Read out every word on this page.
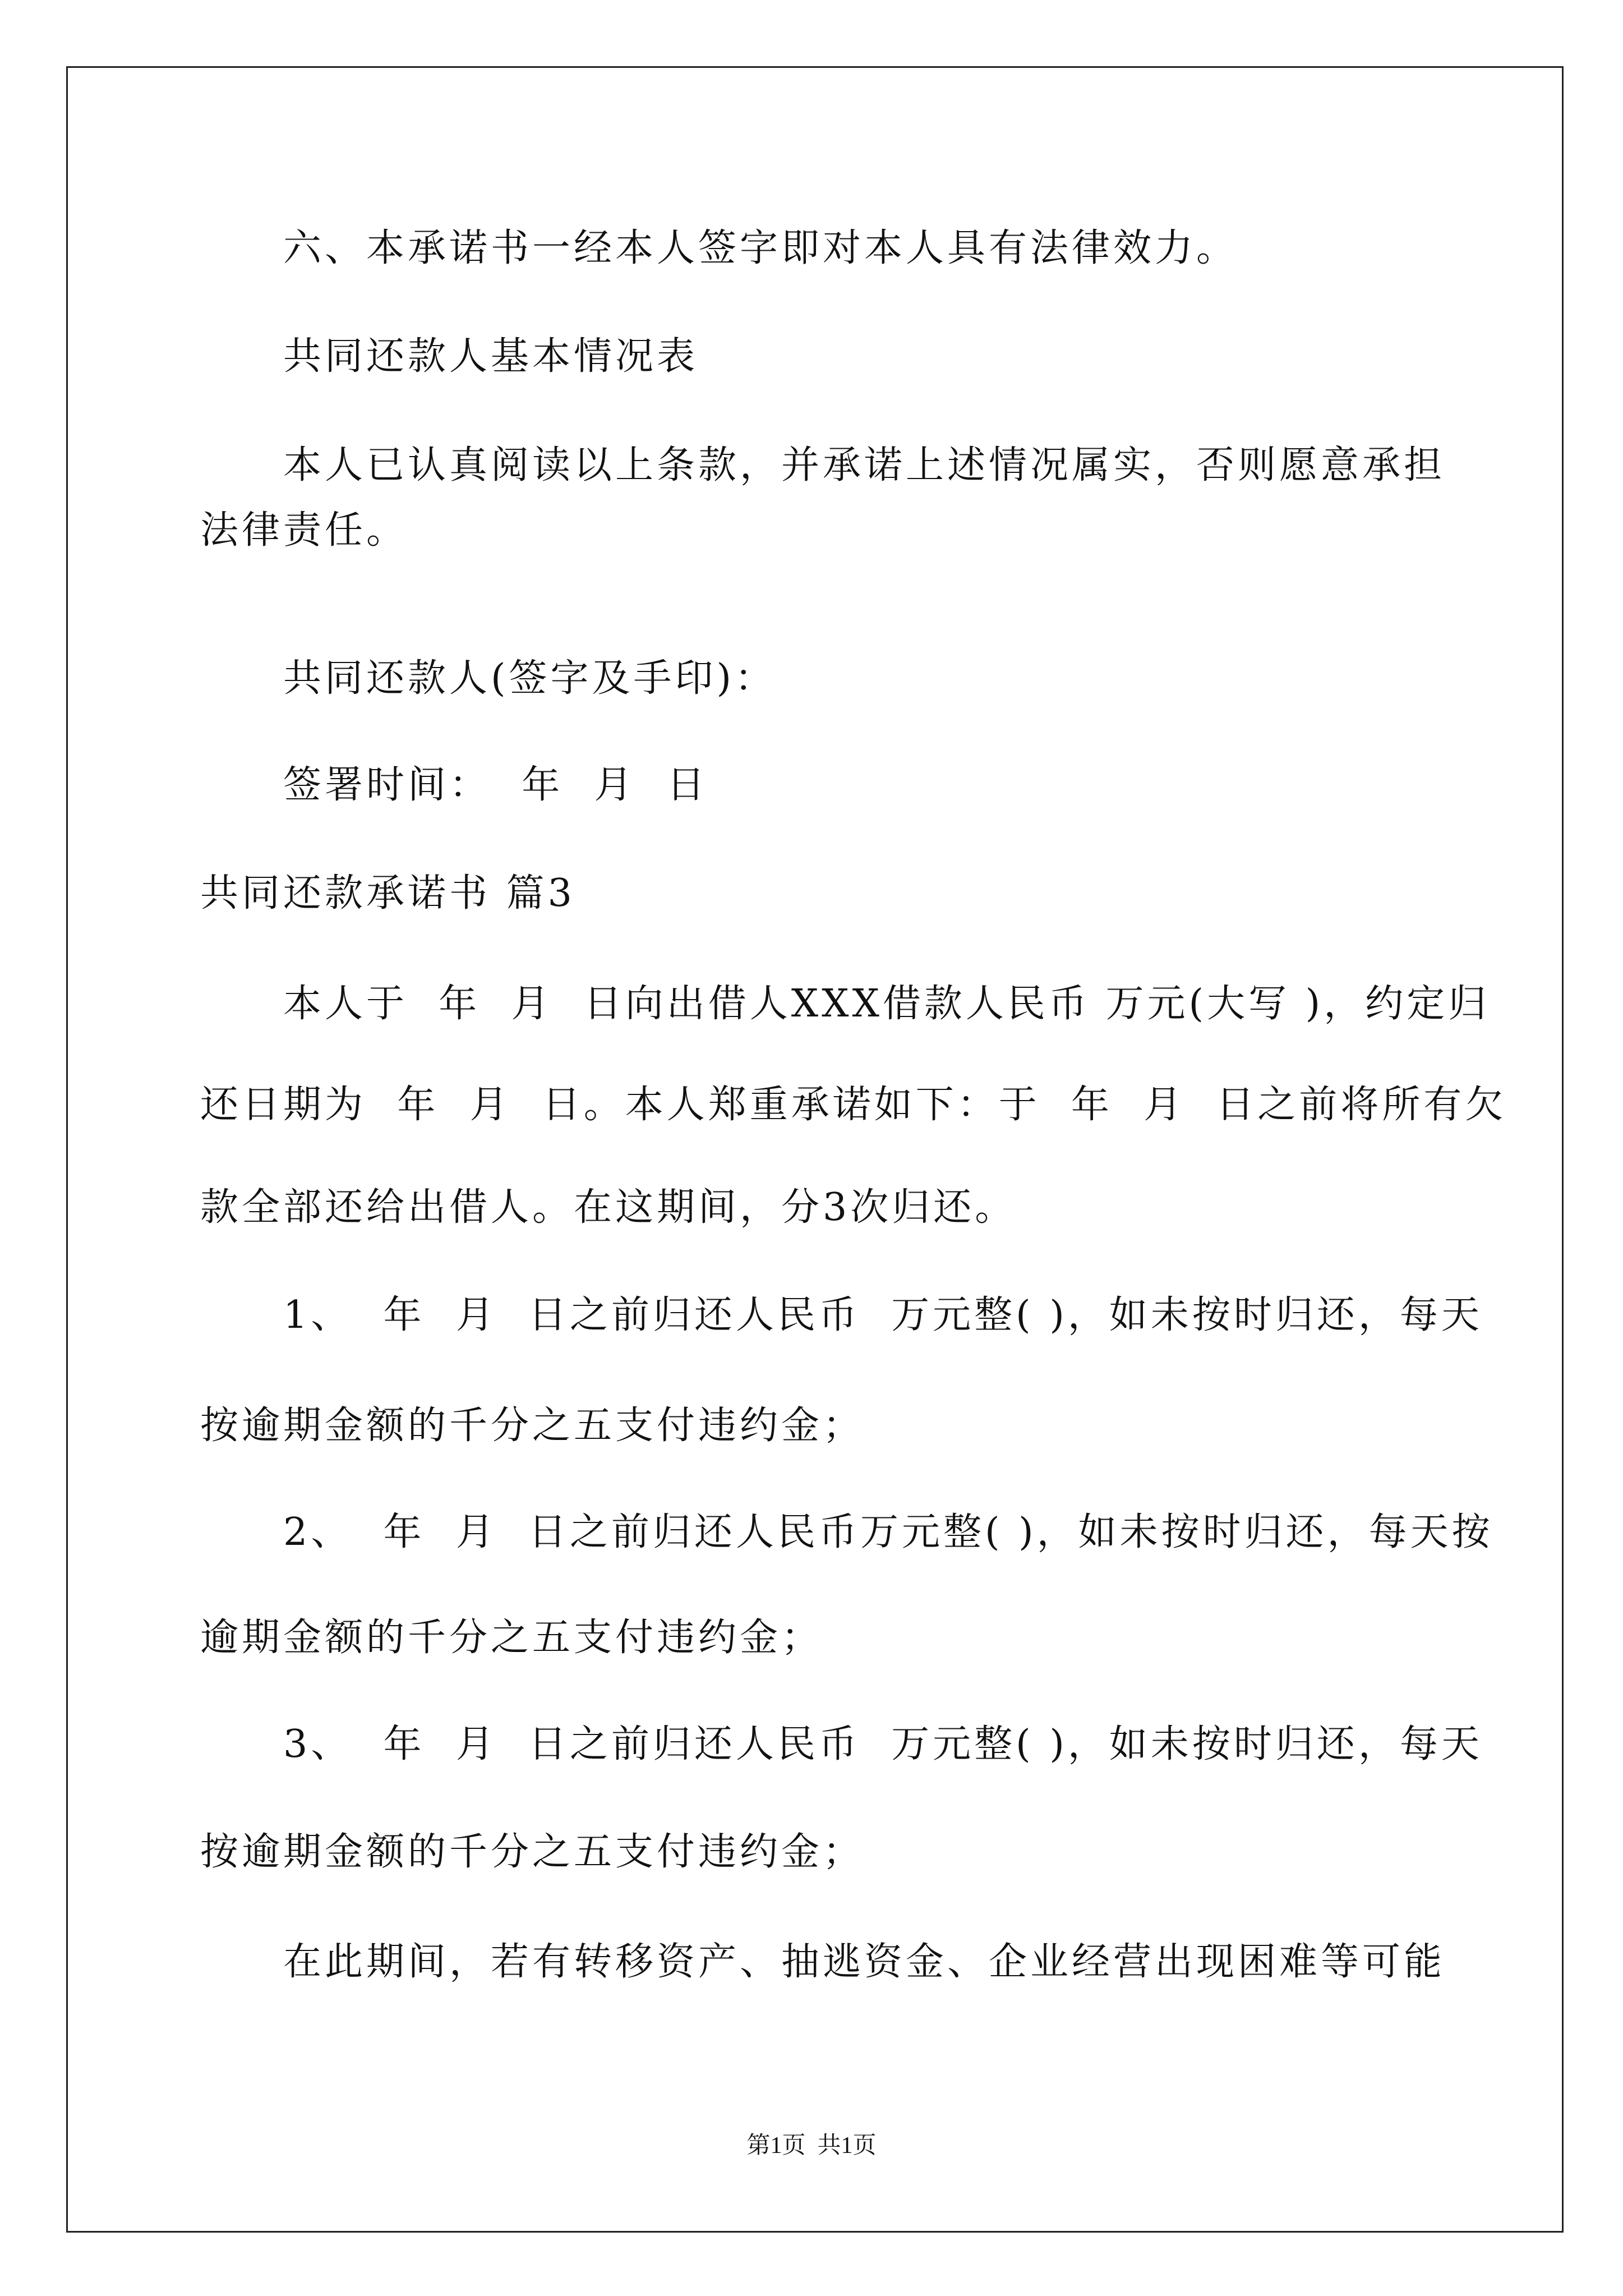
六、本承诺书一经本人签字即对本人具有法律效力。
共同还款人基本情况表
本人已认真阅读以上条款，并承诺上述情况属实，否则愿意承担
法律责任。
共同还款人(签字及手印)：
签署时间：  年  月  日
共同还款承诺书 篇3
本人于  年  月  日向出借人XXX借款人民币 万元(大写 )，约定归
还日期为  年  月  日。本人郑重承诺如下：于  年  月  日之前将所有欠
款全部还给出借人。在这期间，分3次归还。
1、  年  月  日之前归还人民币  万元整( )，如未按时归还，每天
按逾期金额的千分之五支付违约金；
2、  年  月  日之前归还人民币万元整( )，如未按时归还，每天按
逾期金额的千分之五支付违约金；
3、  年  月  日之前归还人民币  万元整( )，如未按时归还，每天
按逾期金额的千分之五支付违约金；
在此期间，若有转移资产、抽逃资金、企业经营出现困难等可能
第1页  共1页
